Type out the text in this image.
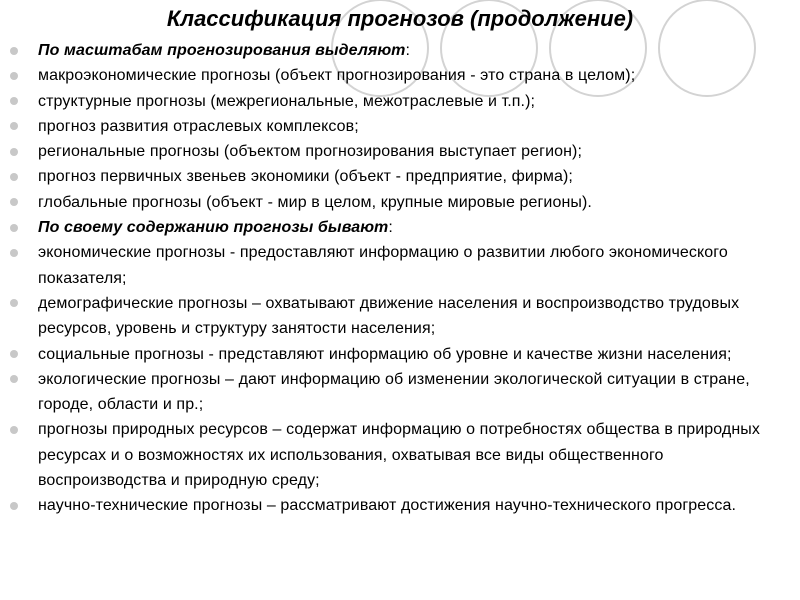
Классификация прогнозов (продолжение)
По масштабам прогнозирования выделяют:
макроэкономические прогнозы (объект прогнозирования - это страна в целом);
структурные прогнозы (межрегиональные, межотраслевые и т.п.);
прогноз развития отраслевых комплексов;
региональные прогнозы (объектом прогнозирования выступает регион);
прогноз первичных звеньев экономики (объект - предприятие, фирма);
глобальные прогнозы (объект - мир в целом, крупные мировые регионы).
По своему содержанию прогнозы бывают:
экономические прогнозы - предоставляют информацию о развитии любого экономического показателя;
демографические прогнозы – охватывают движение населения и воспроизводство трудовых ресурсов, уровень и структуру занятости населения;
социальные прогнозы - представляют информацию об уровне и качестве жизни населения;
экологические прогнозы – дают информацию об изменении экологической ситуации в стране, городе, области и пр.;
прогнозы природных ресурсов – содержат информацию о потребностях общества в природных ресурсах и о возможностях их использования, охватывая все виды общественного воспроизводства и природную среду;
научно-технические прогнозы – рассматривают достижения научно-технического прогресса.
